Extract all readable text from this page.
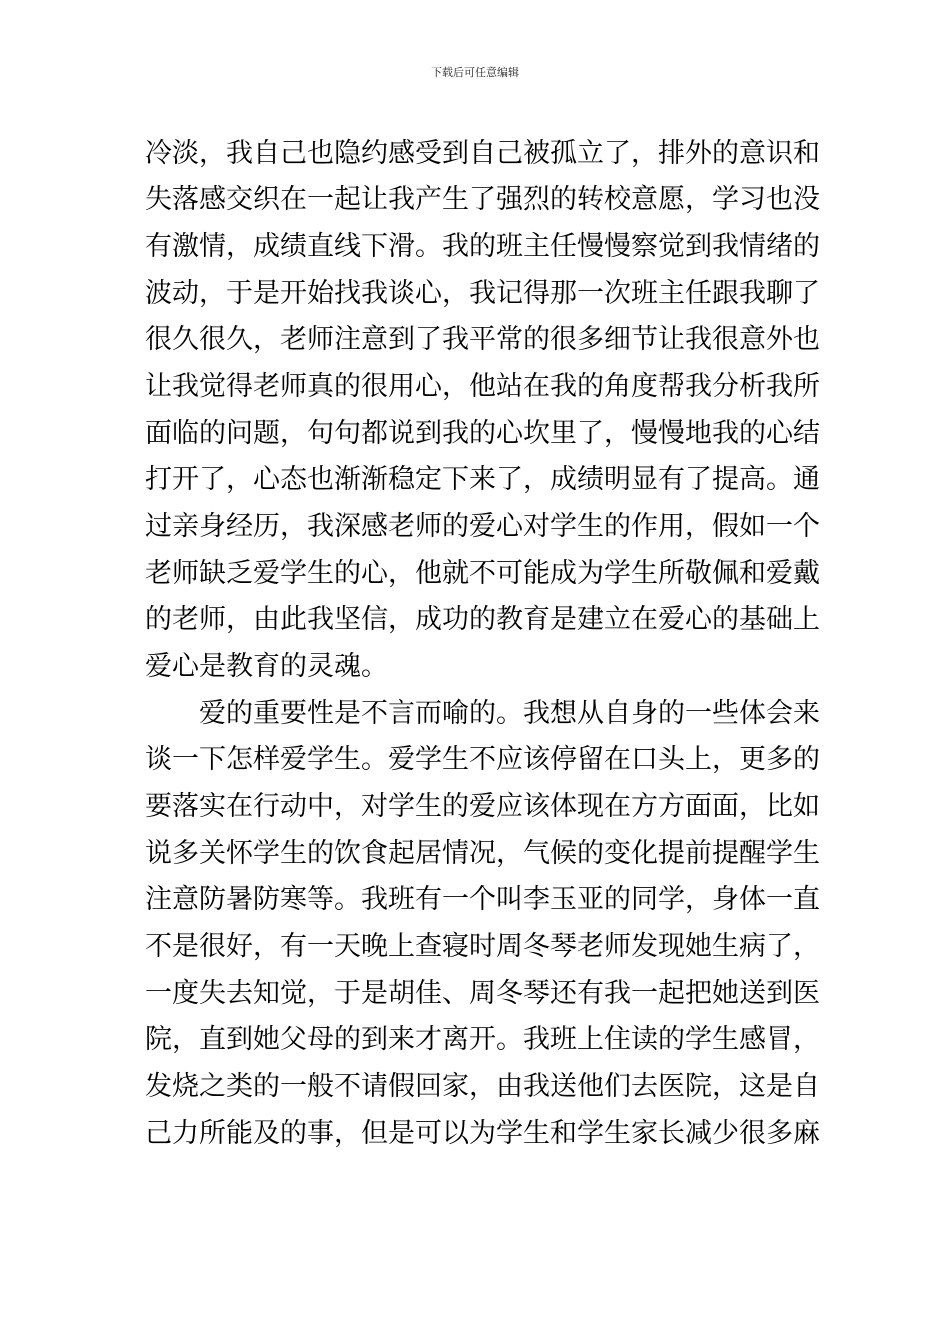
下载后可任意编辑
冷淡，我自己也隐约感受到自己被孤立了，排外的意识和
失落感交织在一起让我产生了强烈的转校意愿，学习也没
有激情，成绩直线下滑。我的班主任慢慢察觉到我情绪的
波动，于是开始找我谈心，我记得那一次班主任跟我聊了
很久很久，老师注意到了我平常的很多细节让我很意外也
让我觉得老师真的很用心，他站在我的角度帮我分析我所
面临的问题，句句都说到我的心坎里了，慢慢地我的心结
打开了，心态也渐渐稳定下来了，成绩明显有了提高。通
过亲身经历，我深感老师的爱心对学生的作用，假如一个
老师缺乏爱学生的心，他就不可能成为学生所敬佩和爱戴
的老师，由此我坚信，成功的教育是建立在爱心的基础上
爱心是教育的灵魂。
　　爱的重要性是不言而喻的。我想从自身的一些体会来
谈一下怎样爱学生。爱学生不应该停留在口头上，更多的
要落实在行动中，对学生的爱应该体现在方方面面，比如
说多关怀学生的饮食起居情况，气候的变化提前提醒学生
注意防暑防寒等。我班有一个叫李玉亚的同学，身体一直
不是很好，有一天晚上查寝时周冬琴老师发现她生病了，
一度失去知觉，于是胡佳、周冬琴还有我一起把她送到医
院，直到她父母的到来才离开。我班上住读的学生感冒，
发烧之类的一般不请假回家，由我送他们去医院，这是自
己力所能及的事，但是可以为学生和学生家长减少很多麻
